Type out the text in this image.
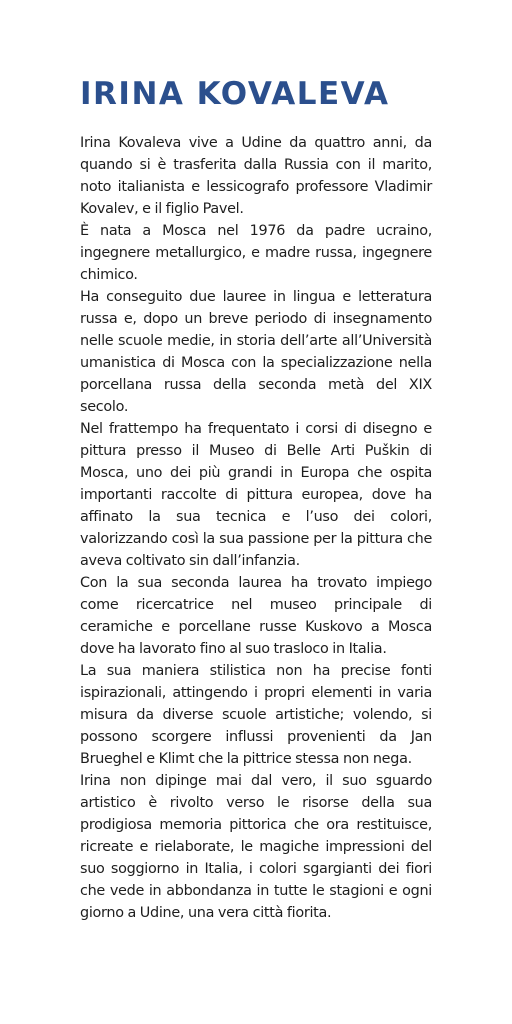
IRINA KOVALEVA

Irina Kovaleva vive a Udine da quattro anni, da quando si è trasferita dalla Russia con il marito, noto italianista e lessicografo professore Vladimir Kovalev, e il figlio Pavel.

È nata a Mosca nel 1976 da padre ucraino, ingegnere metallurgico, e madre russa, ingegnere chimico.

Ha conseguito due lauree in lingua e letteratura russa e, dopo un breve periodo di insegnamento nelle scuole medie, in storia dell’arte all’Università umanistica di Mosca con la specializzazione nella porcellana russa della seconda metà del XIX secolo.

Nel frattempo ha frequentato i corsi di disegno e pittura presso il Museo di Belle Arti Puškin di Mosca, uno dei più grandi in Europa che ospita importanti raccolte di pittura europea, dove ha affinato la sua tecnica e l’uso dei colori, valorizzando così la sua passione per la pittura che aveva coltivato sin dall’infanzia.

Con la sua seconda laurea ha trovato impiego come ricercatrice nel museo principale di ceramiche e porcellane russe Kuskovo a Mosca dove ha lavorato fino al suo trasloco in Italia.

La sua maniera stilistica non ha precise fonti ispirazionali, attingendo i propri elementi in varia misura da diverse scuole artistiche; volendo, si possono scorgere influssi provenienti da Jan Brueghel e Klimt che la pittrice stessa non nega.

Irina non dipinge mai dal vero, il suo sguardo artistico è rivolto verso le risorse della sua prodigiosa memoria pittorica che ora restituisce, ricreate e rielaborate, le magiche impressioni del suo soggiorno in Italia, i colori sgargianti dei fiori che vede in abbondanza in tutte le stagioni e ogni giorno a Udine, una vera città fiorita.
